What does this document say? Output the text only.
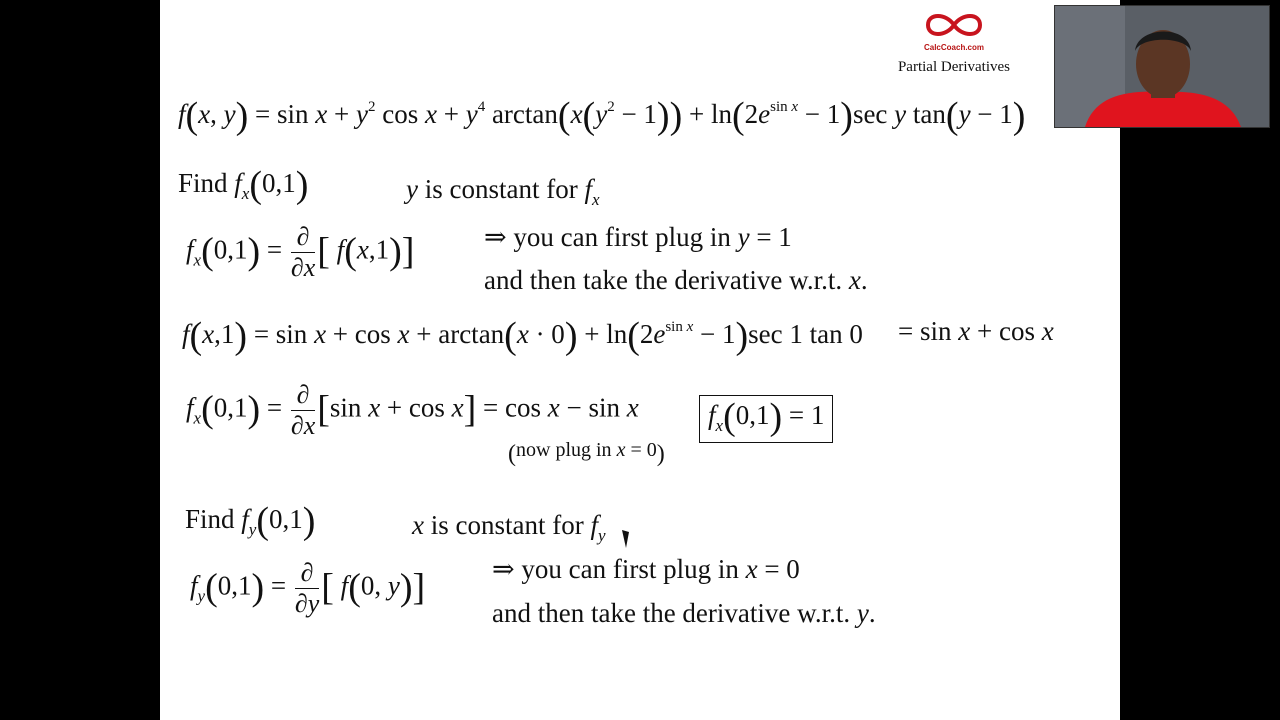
CalcCoach.com
Partial Derivatives
f(x, $y) = \sin x + y^2$ $\cos x + y^4$ $\arctan(x(y^2 - 1)) + \ln(2e^{sin x} - 1)\sec$ y tan(y − 1)
Find $f_x(0,1)$	y is constant for $f_x$
$f_x(0,1) = \frac{\partial}{\partial x}$ [ f(x,1)]	⇒ you can first plug in y = 1
and then take the derivative w.r.t. x.
$f(x,1) = \sin x + \cos x + \arctan(x \cdot 0) + \ln(2e^{sin x} - 1)\sec$ 1 tan 0 = sin x + cos x
$f_x(0,1) = \frac{\partial}{\partial x} [\sin$ x + cos x] = cos x − sin x
(now plug in x = 0)
$f_x(0,1) = 1$
Find $f_y(0,1)$	x is constant for $f_y$
$f_y(0,1) = \frac{\partial}{\partial y}$ [ f(0, y)] ⇒ you can first plug in x = 0
and then take the derivative w.r.t. y.
